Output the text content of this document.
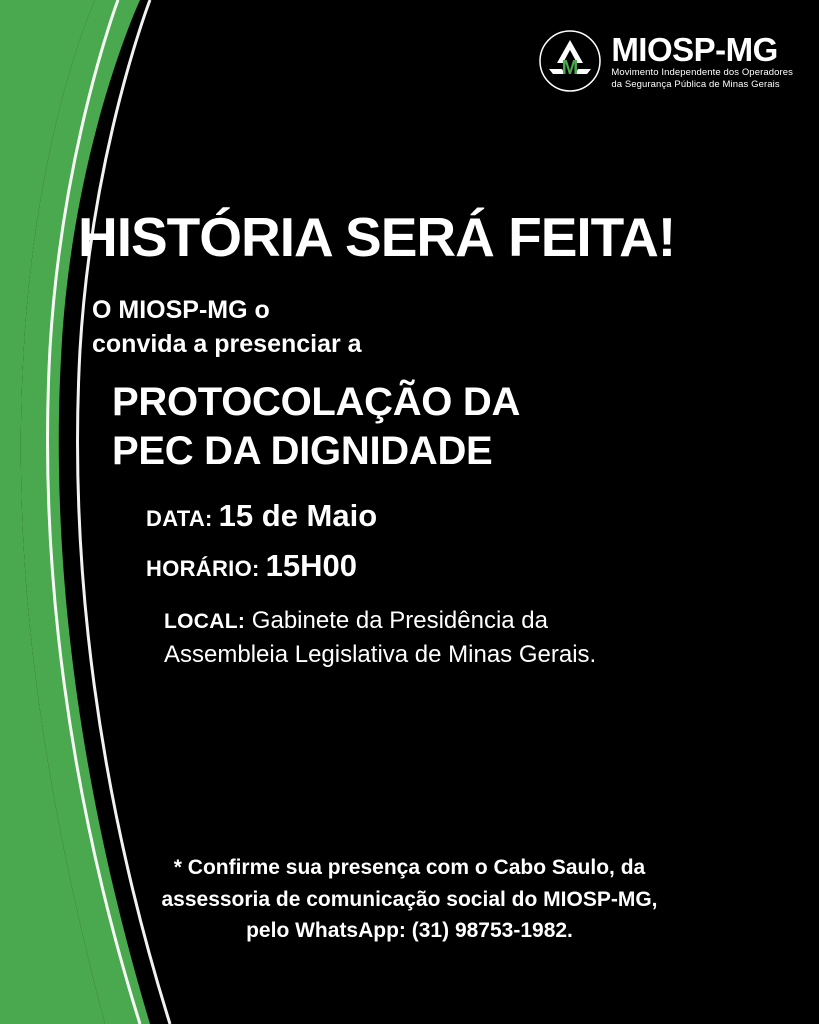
M MIOSP-MG
Movimento Independente dos Operadores
da Segurança Pública de Minas Gerais
HISTÓRIA SERÁ FEITA!
O MIOSP-MG o
convida a presenciar a
PROTOCOLAÇÃO DA
PEC DA DIGNIDADE
DATA: 15 de Maio
HORÁRIO: 15H00
LOCAL: Gabinete da Presidência da
Assembleia Legislativa de Minas Gerais.
* Confirme sua presença com o Cabo Saulo, da
assessoria de comunicação social do MIOSP-MG,
pelo WhatsApp: (31) 98753-1982.
